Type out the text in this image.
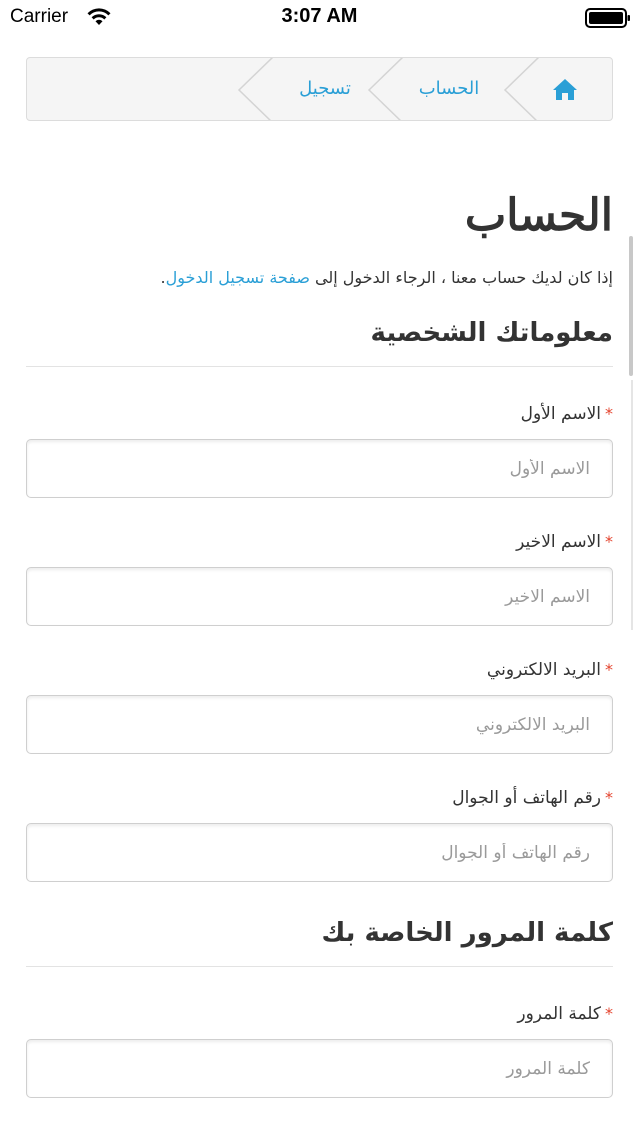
Carrier	3:07 AM
الحساب
تسجيل
الحساب

إذا كان لديك حساب معنا ، الرجاء الدخول إلى صفحة تسجيل الدخول.

معلوماتك الشخصية
*الاسم الأول
الاسم الأول
*الاسم الاخير
الاسم الاخير
*البريد الالكتروني
البريد الالكتروني
*رقم الهاتف أو الجوال
رقم الهاتف أو الجوال
كلمة المرور الخاصة بك
*كلمة المرور
